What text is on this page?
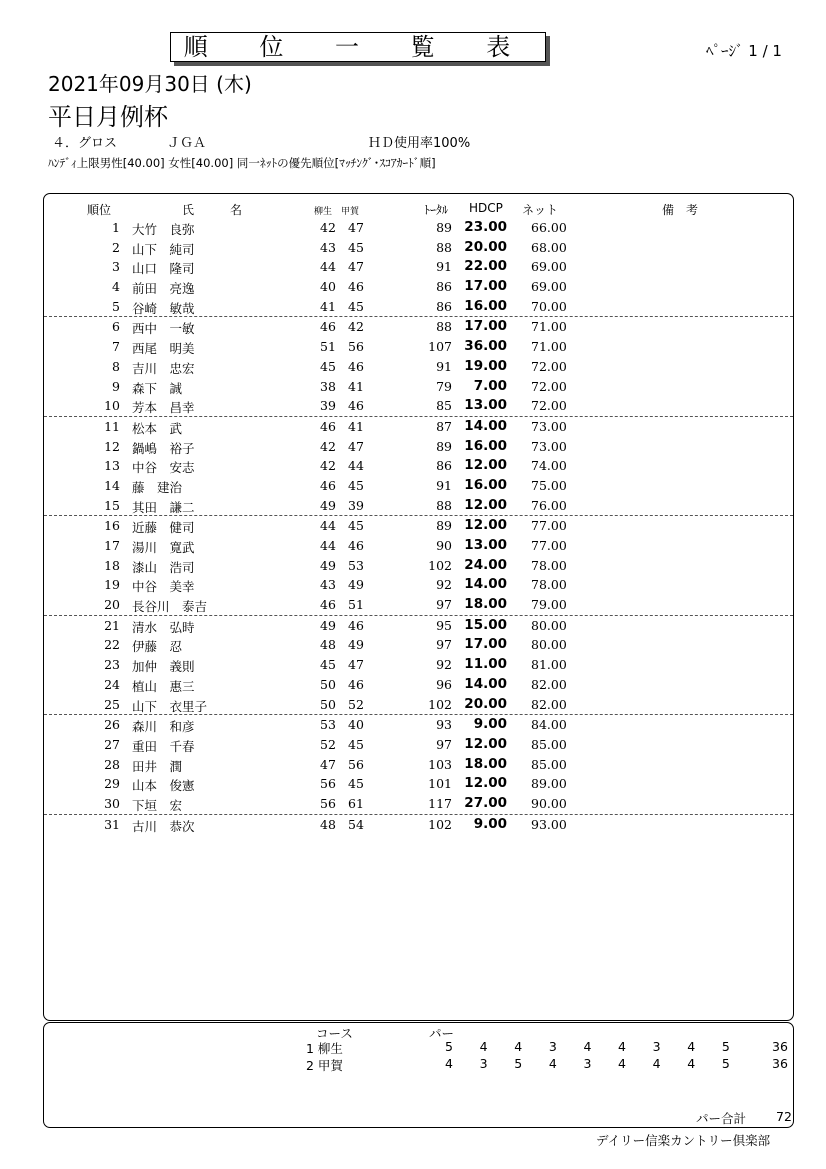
順 位 一 覧 表	ﾍﾟｰｼﾞ 1 / 1
2021年09月30日 (木)
平日月例杯
４．グロス	ＪＧＡ	ＨＤ使用率100%
ﾊﾝﾃﾞｨ上限男性[40.00] 女性[40.00] 同一ﾈｯﾄの優先順位[ﾏｯﾁﾝｸﾞ･ｽｺｱｶｰﾄﾞ順]
順位	氏　　　名	柳生 甲賀	ﾄｰﾀﾙ HDCP ネット	備　考
1 大竹　良弥	42 47	89 23.00 66.00
2 山下　純司	43 45	88 20.00 68.00
3 山口　隆司	44 47	91 22.00 69.00
4 前田　亮逸	40 46	86 17.00 69.00
5 谷崎　敏哉	41 45	86 16.00 70.00
6 西中　一敏	46 42	88 17.00 71.00
7 西尾　明美	51 56	107 36.00 71.00
8 吉川　忠宏	45 46	91 19.00 72.00
9 森下　誠	38 41	79 7.00 72.00
10 芳本　昌幸	39 46	85 13.00 72.00
11 松本　武	46 41	87 14.00 73.00
12 鍋嶋　裕子	42 47	89 16.00 73.00
13 中谷　安志	42 44	86 12.00 74.00
14 藤　建治	46 45	91 16.00 75.00
15 其田　謙二	49 39	88 12.00 76.00
16 近藤　健司	44 45	89 12.00 77.00
17 湯川　寛武	44 46	90 13.00 77.00
18 漆山　浩司	49 53	102 24.00 78.00
19 中谷　美幸	43 49	92 14.00 78.00
20 長谷川　泰吉	46 51	97 18.00 79.00
21 清水　弘時	49 46	95 15.00 80.00
22 伊藤　忍	48 49	97 17.00 80.00
23 加仲　義則	45 47	92 11.00 81.00
24 植山　惠三	50 46	96 14.00 82.00
25 山下　衣里子	50 52	102 20.00 82.00
26 森川　和彦	53 40	93 9.00 84.00
27 重田　千春	52 45	97 12.00 85.00
28 田井　潤	47 56	103 18.00 85.00
29 山本　俊憲	56 45	101 12.00 89.00
30 下垣　宏	56 61	117 27.00 90.00
31 古川　恭次	48 54	102 9.00 93.00
コース	パー
1 柳生	5	4	4	3	4	4	3	4	5	36
2 甲賀	4	3	5	4	3	4	4	4	5	36
パー合計 72
デイリー信楽カントリー倶楽部
